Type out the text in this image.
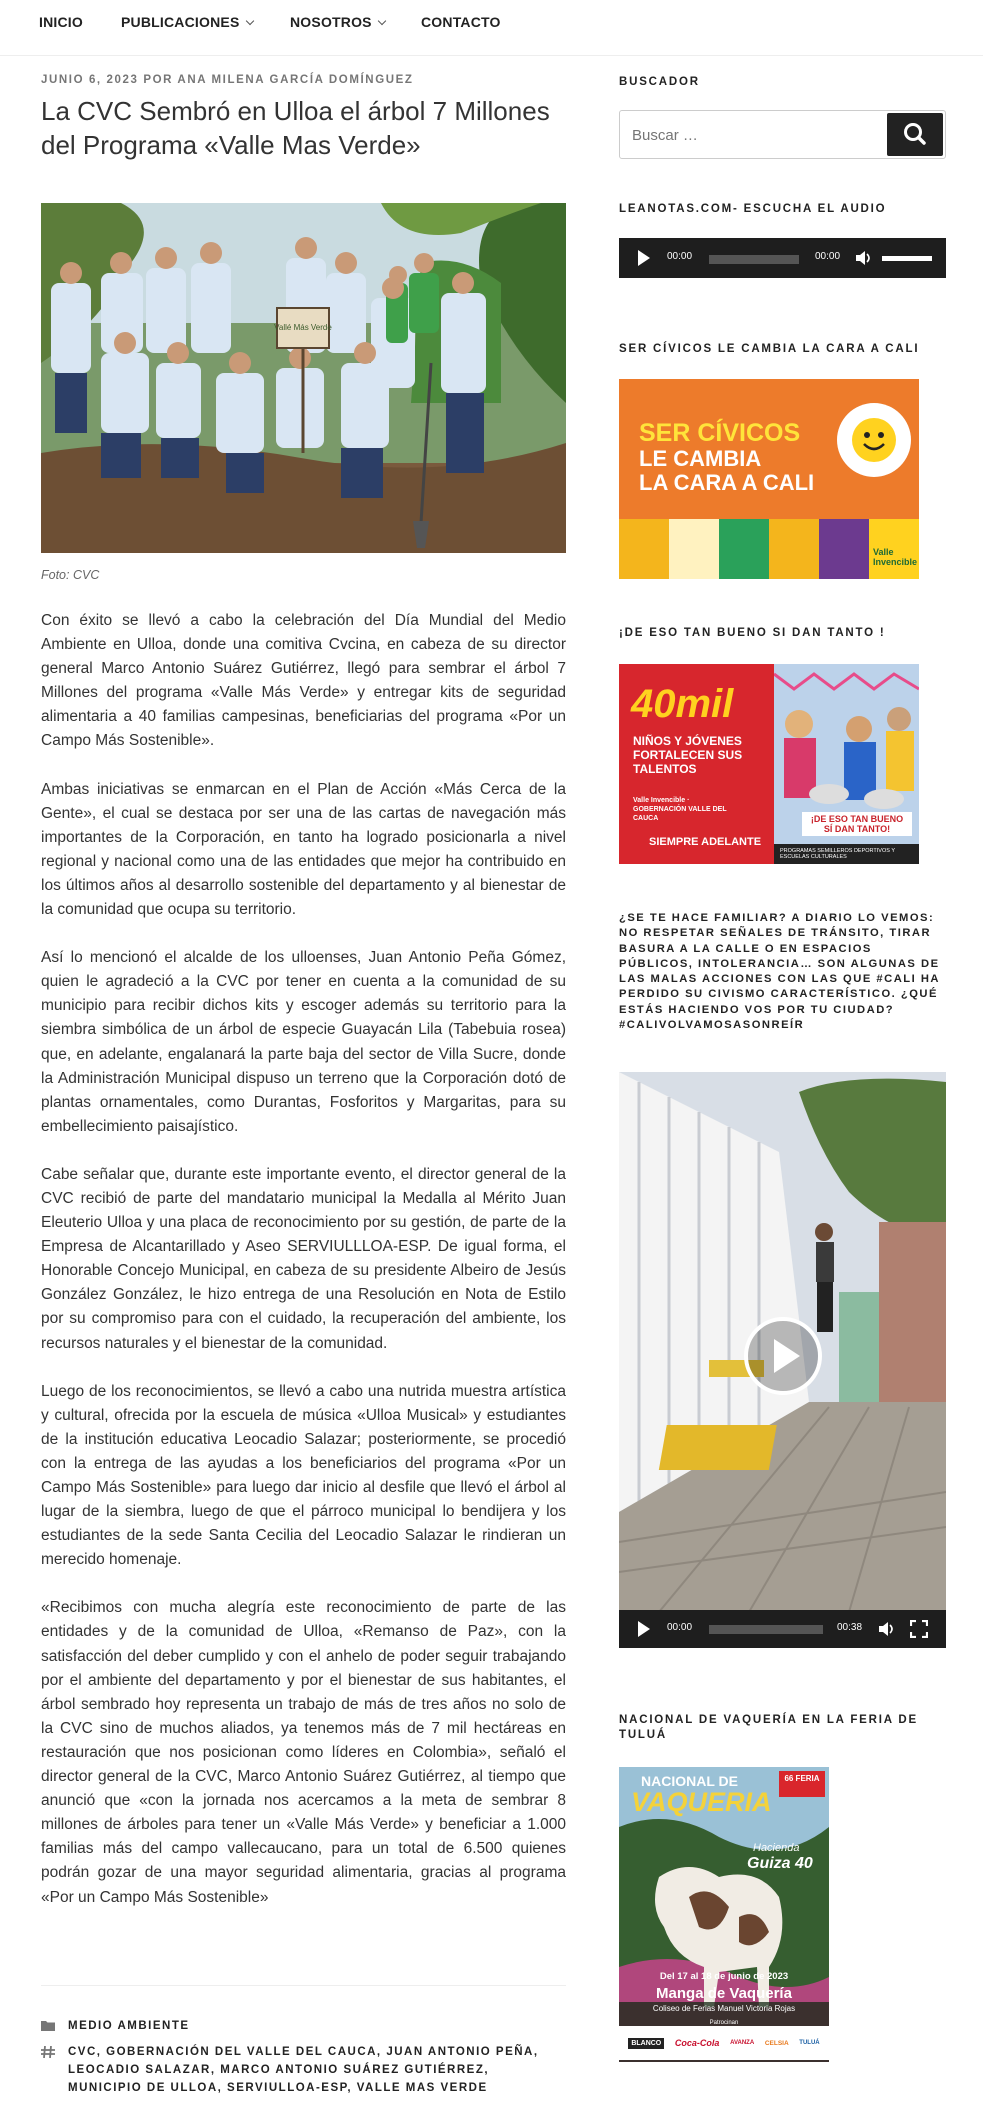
INICIO	PUBLICACIONES	NOSOTROS	CONTACTO
JUNIO 6, 2023 POR ANA MILENA GARCÍA DOMÍNGUEZ
La CVC Sembró en Ulloa el árbol 7 Millones del Programa «Valle Mas Verde»
Vallé Más Verde
Foto: CVC

Con éxito se llevó a cabo la celebración del Día Mundial del Medio Ambiente en Ulloa, donde una comitiva Cvcina, en cabeza de su director general Marco Antonio Suárez Gutiérrez, llegó para sembrar el árbol 7 Millones del programa «Valle Más Verde» y entregar kits de seguridad alimentaria a 40 familias campesinas, beneficiarias del programa «Por un Campo Más Sostenible».

Ambas iniciativas se enmarcan en el Plan de Acción «Más Cerca de la Gente», el cual se destaca por ser una de las cartas de navegación más importantes de la Corporación, en tanto ha logrado posicionarla a nivel regional y nacional como una de las entidades que mejor ha contribuido en los últimos años al desarrollo sostenible del departamento y al bienestar de la comunidad que ocupa su territorio.

Así lo mencionó el alcalde de los ulloenses, Juan Antonio Peña Gómez, quien le agradeció a la CVC por tener en cuenta a la comunidad de su municipio para recibir dichos kits y escoger además su territorio para la siembra simbólica de un árbol de especie Guayacán Lila (Tabebuia rosea) que, en adelante, engalanará la parte baja del sector de Villa Sucre, donde la Administración Municipal dispuso un terreno que la Corporación dotó de plantas ornamentales, como Durantas, Fosforitos y Margaritas, para su embellecimiento paisajístico.

Cabe señalar que, durante este importante evento, el director general de la CVC recibió de parte del mandatario municipal la Medalla al Mérito Juan Eleuterio Ulloa y una placa de reconocimiento por su gestión, de parte de la Empresa de Alcantarillado y Aseo SERVIULLLOA-ESP. De igual forma, el Honorable Concejo Municipal, en cabeza de su presidente Albeiro de Jesús González González, le hizo entrega de una Resolución en Nota de Estilo por su compromiso para con el cuidado, la recuperación del ambiente, los recursos naturales y el bienestar de la comunidad.

Luego de los reconocimientos, se llevó a cabo una nutrida muestra artística y cultural, ofrecida por la escuela de música «Ulloa Musical» y estudiantes de la institución educativa Leocadio Salazar; posteriormente, se procedió con la entrega de las ayudas a los beneficiarios del programa «Por un Campo Más Sostenible» para luego dar inicio al desfile que llevó el árbol al lugar de la siembra, luego de que el párroco municipal lo bendijera y los estudiantes de la sede Santa Cecilia del Leocadio Salazar le rindieran un merecido homenaje.

«Recibimos con mucha alegría este reconocimiento de parte de las entidades y de la comunidad de Ulloa, «Remanso de Paz», con la satisfacción del deber cumplido y con el anhelo de poder seguir trabajando por el ambiente del departamento y por el bienestar de sus habitantes, el árbol sembrado hoy representa un trabajo de más de tres años no solo de la CVC sino de muchos aliados, ya tenemos más de 7 mil hectáreas en restauración que nos posicionan como líderes en Colombia», señaló el director general de la CVC, Marco Antonio Suárez Gutiérrez, al tiempo que anunció que «con la jornada nos acercamos a la meta de sembrar 8 millones de árboles para tener un «Valle Más Verde» y beneficiar a 1.000 familias más del campo vallecaucano, para un total de 6.500 quienes podrán gozar de una mayor seguridad alimentaria, gracias al programa «Por un Campo Más Sostenible»

MEDIO AMBIENTE
CVC, GOBERNACIÓN DEL VALLE DEL CAUCA, JUAN ANTONIO PEÑA, LEOCADIO SALAZAR, MARCO ANTONIO SUÁREZ GUTIÉRREZ, MUNICIPIO DE ULLOA, SERVIULLOA-ESP, VALLE MAS VERDE
BUSCADOR
Buscar …
LEANOTAS.COM- ESCUCHA EL AUDIO
00:00	00:00
SER CÍVICOS LE CAMBIA LA CARA A CALI
SER CÍVICOS
LE CAMBIA
LA CARA A CALI
Valle Invencible
¡DE ESO TAN BUENO SI DAN TANTO !
40mil
NIÑOS Y JÓVENES
FORTALECEN SUS
TALENTOS
Valle Invencible · GOBERNACIÓN VALLE DEL CAUCA
SIEMPRE ADELANTE
¡DE ESO TAN BUENO
SÍ DAN TANTO!
PROGRAMAS SEMILLEROS DEPORTIVOS Y ESCUELAS CULTURALES
¿SE TE HACE FAMILIAR? A DIARIO LO VEMOS: NO RESPETAR SEÑALES DE TRÁNSITO, TIRAR BASURA A LA CALLE O EN ESPACIOS PÚBLICOS, INTOLERANCIA… SON ALGUNAS DE LAS MALAS ACCIONES CON LAS QUE #CALI HA PERDIDO SU CIVISMO CARACTERÍSTICO. ¿QUÉ ESTÁS HACIENDO VOS POR TU CIUDAD? #CALIVOLVAMOSASONREÍR
00:00	00:38
NACIONAL DE VAQUERÍA EN LA FERIA DE TULUÁ
NACIONAL DE
VAQUERIA
66 FERIA
Hacienda
Guiza 40
Del 17 al 18 de junio de 2023
Manga de Vaquería
Coliseo de Ferias Manuel Victoria Rojas
Patrocinan
BLANCO	Coca-Cola AVANZA CELSIA TULUÁ
